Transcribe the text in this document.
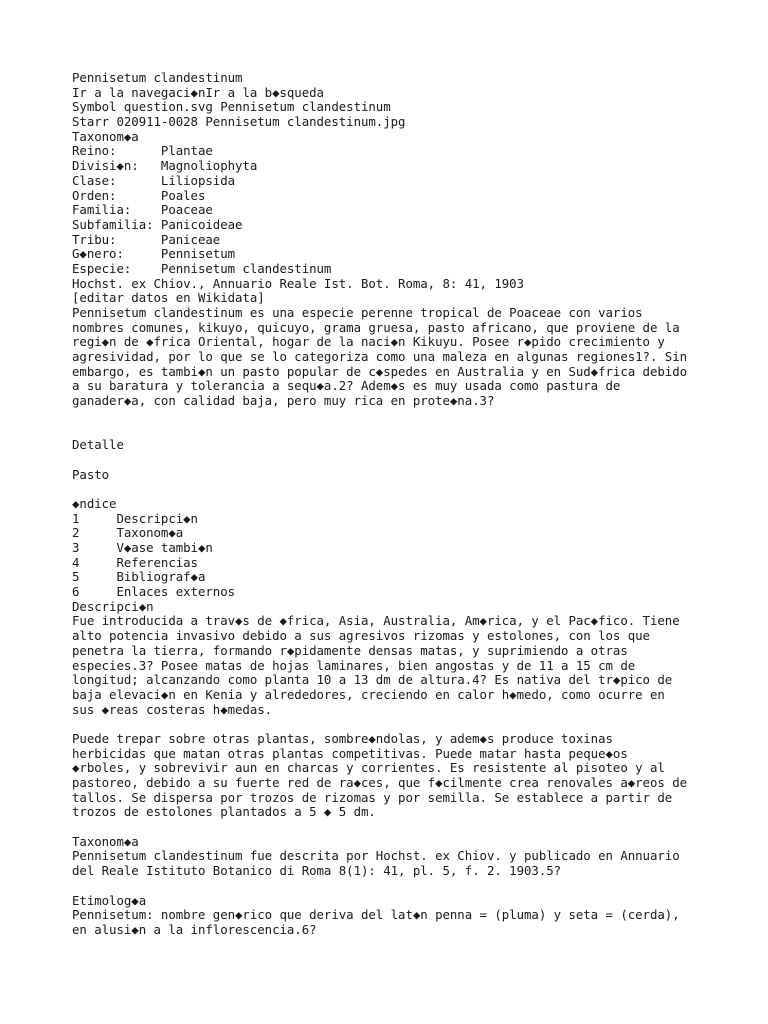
Pennisetum clandestinum
Ir a la navegaci◆nIr a la b◆squeda
Symbol question.svg Pennisetum clandestinum
Starr 020911-0028 Pennisetum clandestinum.jpg
Taxonom◆a
Reino:      Plantae
Divisi◆n:   Magnoliophyta
Clase:      Liliopsida
Orden:      Poales
Familia:    Poaceae
Subfamilia: Panicoideae
Tribu:      Paniceae
G◆nero:     Pennisetum
Especie:    Pennisetum clandestinum
Hochst. ex Chiov., Annuario Reale Ist. Bot. Roma, 8: 41, 1903
[editar datos en Wikidata]
Pennisetum clandestinum es una especie perenne tropical de Poaceae con varios
nombres comunes, kikuyo, quicuyo, grama gruesa, pasto africano, que proviene de la
regi◆n de ◆frica Oriental, hogar de la naci◆n Kikuyu. Posee r◆pido crecimiento y
agresividad, por lo que se lo categoriza como una maleza en algunas regiones1?. Sin
embargo, es tambi◆n un pasto popular de c◆spedes en Australia y en Sud◆frica debido
a su baratura y tolerancia a sequ◆a.2? Adem◆s es muy usada como pastura de
ganader◆a, con calidad baja, pero muy rica en prote◆na.3?
Detalle
Pasto
◆ndice
1     Descripci◆n
2     Taxonom◆a
3     V◆ase tambi◆n
4     Referencias
5     Bibliograf◆a
6     Enlaces externos
Descripci◆n
Fue introducida a trav◆s de ◆frica, Asia, Australia, Am◆rica, y el Pac◆fico. Tiene
alto potencia invasivo debido a sus agresivos rizomas y estolones, con los que
penetra la tierra, formando r◆pidamente densas matas, y suprimiendo a otras
especies.3? Posee matas de hojas laminares, bien angostas y de 11 a 15 cm de
longitud; alcanzando como planta 10 a 13 dm de altura.4? Es nativa del tr◆pico de
baja elevaci◆n en Kenia y alrededores, creciendo en calor h◆medo, como ocurre en
sus ◆reas costeras h◆medas.
Puede trepar sobre otras plantas, sombre◆ndolas, y adem◆s produce toxinas
herbicidas que matan otras plantas competitivas. Puede matar hasta peque◆os
◆rboles, y sobrevivir aun en charcas y corrientes. Es resistente al pisoteo y al
pastoreo, debido a su fuerte red de ra◆ces, que f◆cilmente crea renovales a◆reos de
tallos. Se dispersa por trozos de rizomas y por semilla. Se establece a partir de
trozos de estolones plantados a 5 ◆ 5 dm.
Taxonom◆a
Pennisetum clandestinum fue descrita por Hochst. ex Chiov. y publicado en Annuario
del Reale Istituto Botanico di Roma 8(1): 41, pl. 5, f. 2. 1903.5?
Etimolog◆a
Pennisetum: nombre gen◆rico que deriva del lat◆n penna = (pluma) y seta = (cerda),
en alusi◆n a la inflorescencia.6?
